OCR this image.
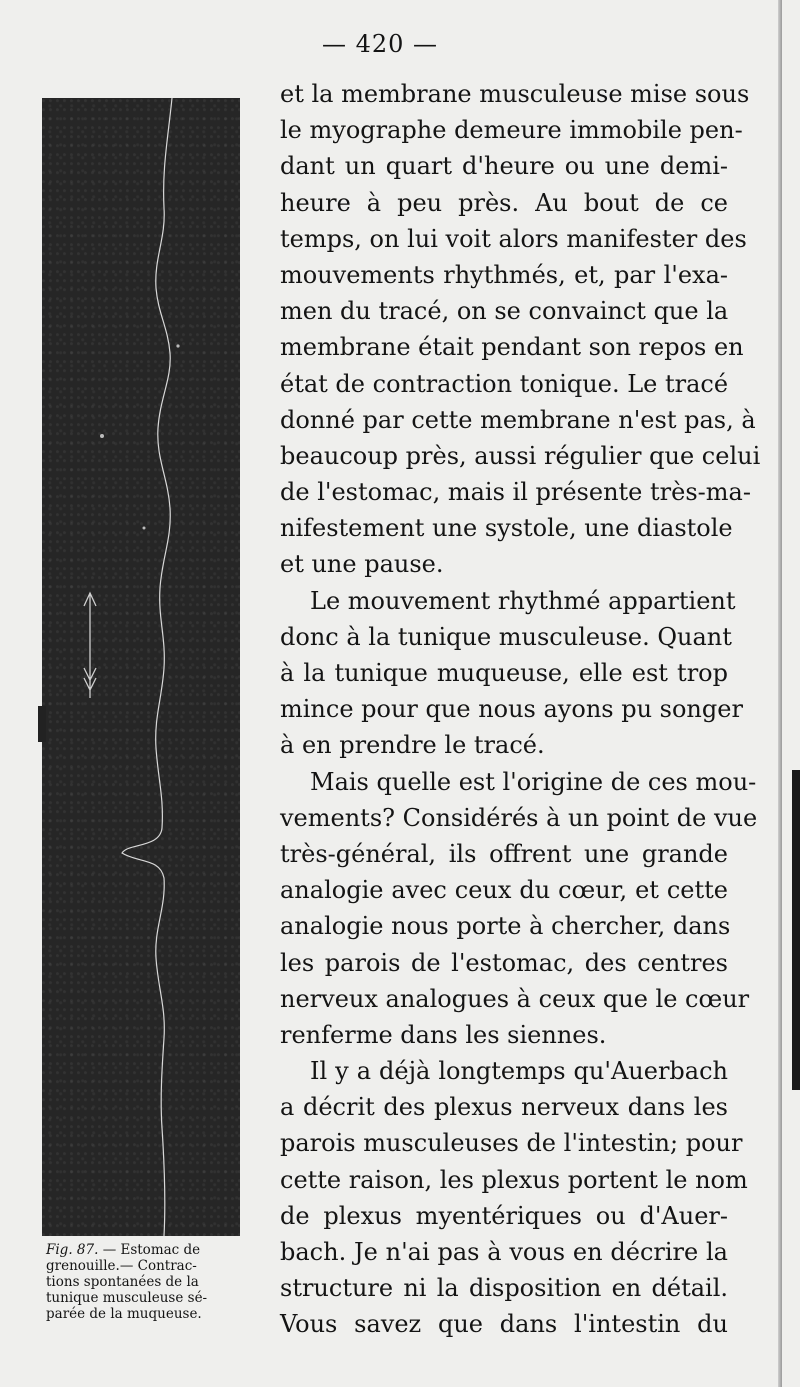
— 420 —
Fig. 87. — Estomac de
grenouille.— Contrac-
tions spontanées de la
tunique musculeuse sé-
parée de la muqueuse.
et la membrane musculeuse mise sous
le myographe demeure immobile pen-
dant un quart d'heure ou une demi-
heure à peu près. Au bout de ce
temps, on lui voit alors manifester des
mouvements rhythmés, et, par l'exa-
men du tracé, on se convainct que la
membrane était pendant son repos en
état de contraction tonique. Le tracé
donné par cette membrane n'est pas, à
beaucoup près, aussi régulier que celui
de l'estomac, mais il présente très-ma-
nifestement une systole, une diastole
et une pause.
Le mouvement rhythmé appartient
donc à la tunique musculeuse. Quant
à la tunique muqueuse, elle est trop
mince pour que nous ayons pu songer
à en prendre le tracé.
Mais quelle est l'origine de ces mou-
vements? Considérés à un point de vue
très-général, ils offrent une grande
analogie avec ceux du cœur, et cette
analogie nous porte à chercher, dans
les parois de l'estomac, des centres
nerveux analogues à ceux que le cœur
renferme dans les siennes.
Il y a déjà longtemps qu'Auerbach
a décrit des plexus nerveux dans les
parois musculeuses de l'intestin; pour
cette raison, les plexus portent le nom
de plexus myentériques ou d'Auer-
bach. Je n'ai pas à vous en décrire la
structure ni la disposition en détail.
Vous savez que dans l'intestin du
